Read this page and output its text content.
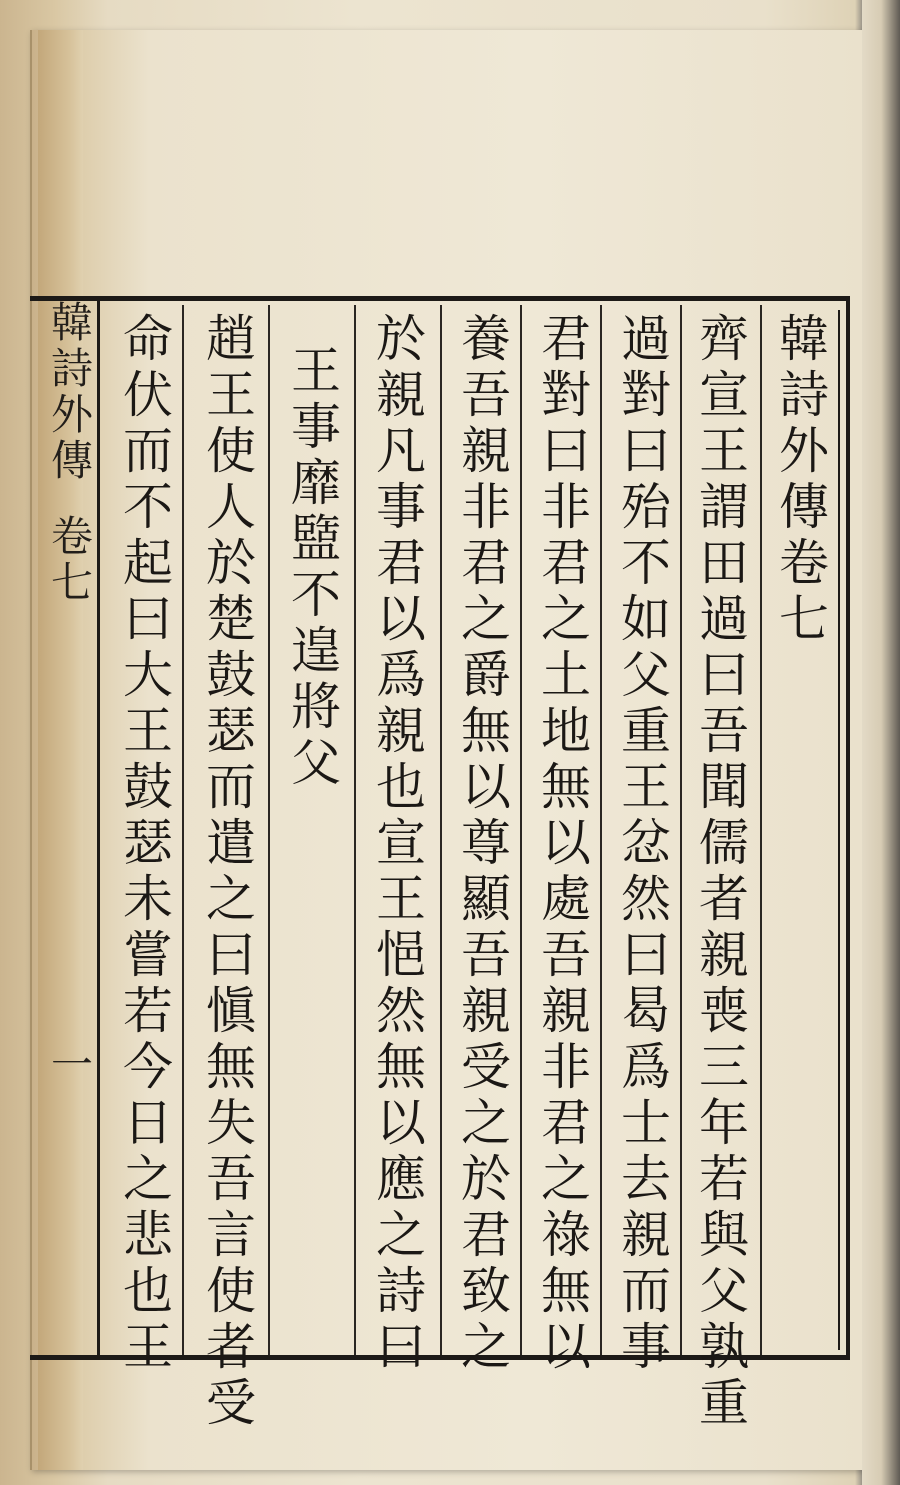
韓詩外傳卷七
一
韓詩外傳卷七
齊宣王謂田過曰吾聞儒者親喪三年若與父孰重
過對曰殆不如父重王忿然曰曷爲士去親而事
君對曰非君之土地無以處吾親非君之祿無以
養吾親非君之爵無以尊顯吾親受之於君致之
於親凡事君以爲親也宣王悒然無以應之詩曰
王事靡盬不遑將父
趙王使人於楚鼓瑟而遣之曰愼無失吾言使者受
命伏而不起曰大王鼓瑟未嘗若今日之悲也王
